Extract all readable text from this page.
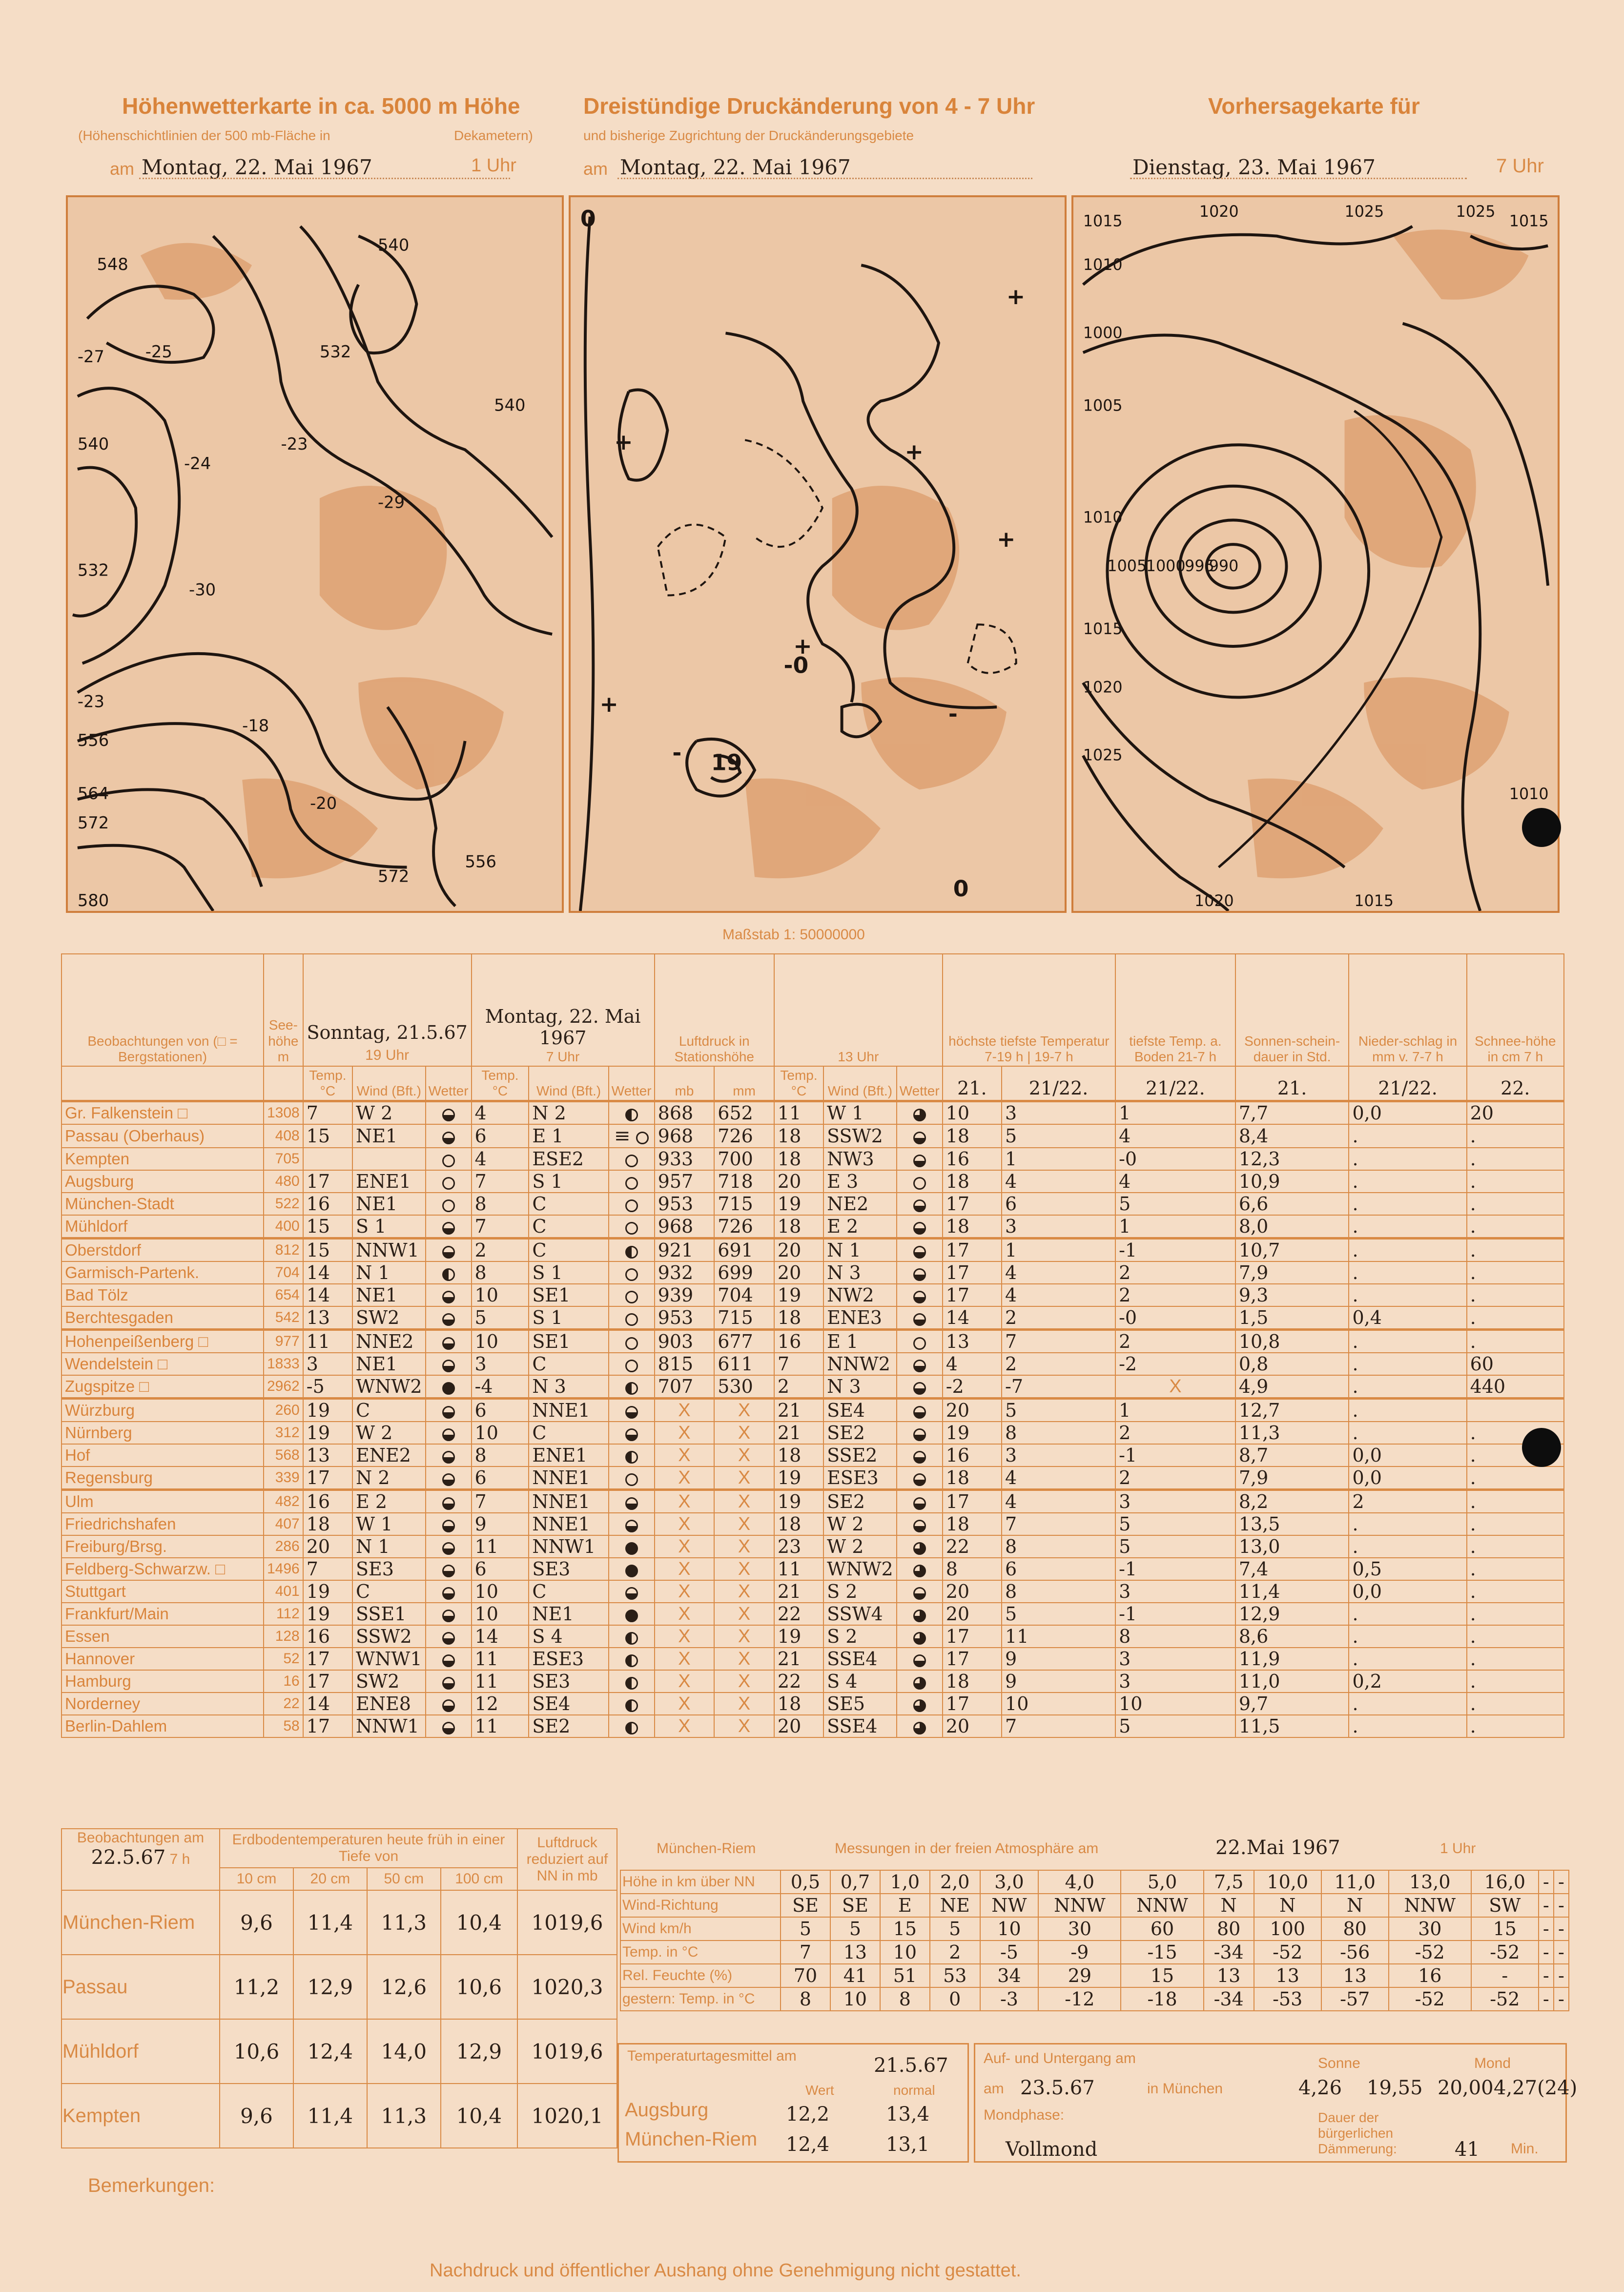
Höhenwetterkarte in ca. 5000 m Höhe
(Höhenschichtlinien der 500 mb-Fläche in	Dekametern)
am Montag, 22. Mai 1967	1 Uhr
Dreistündige Druckänderung von 4 - 7 Uhr
und bisherige Zugrichtung der Druckänderungsgebiete
am Montag, 22. Mai 1967
Vorhersagekarte für
Dienstag, 23. Mai 1967	7 Uhr
548
-27 -25
540
532
540
532
540
-24
-23
-29
-30
-23
556
564
572
580
572
-18
-20
556
+
- 19
+
+
+
-0
+
+
0
0
-
1015
1010
1000
1005
1010
1015
1020
1025
1005
1000
995
990
1020	1025	1025
1015
1020	1015
1010
Maßstab 1: 50000000
Beobachtungen von (□ = Bergstationen)	See-höhe m	Sonntag, 21.5.67
19 Uhr			Montag, 22. Mai 1967
7 Uhr			Luftdruck in Stationshöhe		13 Uhr			höchste tiefste Temperatur 7-19 h | 19-7 h		tiefste Temp. a. Boden 21-7 h	Sonnen-schein-dauer in Std.	Nieder-schlag in mm v. 7-7 h	Schnee-höhe in cm 7 h
		Temp. °C	Wind (Bft.)	Wetter	Temp. °C	Wind (Bft.)	Wetter	mb	mm	Temp. °C	Wind (Bft.)	Wetter	21.	21/22.	21/22.	21.	21/22.	22.
Gr. Falkenstein □	1308	7	W 2		4	N 2		868	652	11	W 1		10	3	1	7,7	0,0	20
Passau (Oberhaus)	408	15	NE1		6	E 1	≡	968	726	18	SSW2		18	5	4	8,4	.	.
Kempten	705				4	ESE2		933	700	18	NW3		16	1	-0	12,3	.	.
Augsburg	480	17	ENE1		7	S 1		957	718	20	E 3		18	4	4	10,9	.	.
München-Stadt	522	16	NE1		8	C		953	715	19	NE2		17	6	5	6,6	.	.
Mühldorf	400	15	S 1		7	C		968	726	18	E 2		18	3	1	8,0	.	.
Oberstdorf	812	15	NNW1		2	C		921	691	20	N 1		17	1	-1	10,7	.	.
Garmisch-Partenk.	704	14	N 1		8	S 1		932	699	20	N 3		17	4	2	7,9	.	.
Bad Tölz	654	14	NE1		10	SE1		939	704	19	NW2		17	4	2	9,3	.	.
Berchtesgaden	542	13	SW2		5	S 1		953	715	18	ENE3		14	2	-0	1,5	0,4	.
Hohenpeißenberg □	977	11	NNE2		10	SE1		903	677	16	E 1		13	7	2	10,8	.	.
Wendelstein □	1833	3	NE1		3	C		815	611	7	NNW2		4	2	-2	0,8	.	60
Zugspitze □	2962	-5	WNW2		-4	N 3		707	530	2	N 3		-2	-7	X	4,9	.	440
Würzburg	260	19	C		6	NNE1		X	X	21	SE4		20	5	1	12,7	.	
Nürnberg	312	19	W 2		10	C		X	X	21	SE2		19	8	2	11,3	.	.
Hof	568	13	ENE2		8	ENE1		X	X	18	SSE2		16	3	-1	8,7	0,0	.
Regensburg	339	17	N 2		6	NNE1		X	X	19	ESE3		18	4	2	7,9	0,0	.
Ulm	482	16	E 2		7	NNE1		X	X	19	SE2		17	4	3	8,2	2	.
Friedrichshafen	407	18	W 1		9	NNE1		X	X	18	W 2		18	7	5	13,5	.	.
Freiburg/Brsg.	286	20	N 1		11	NNW1		X	X	23	W 2		22	8	5	13,0	.	.
Feldberg-Schwarzw. □	1496	7	SE3		6	SE3		X	X	11	WNW2		8	6	-1	7,4	0,5	.
Stuttgart	401	19	C		10	C		X	X	21	S 2		20	8	3	11,4	0,0	.
Frankfurt/Main	112	19	SSE1		10	NE1		X	X	22	SSW4		20	5	-1	12,9	.	.
Essen	128	16	SSW2		14	S 4		X	X	19	S 2		17	11	8	8,6	.	.
Hannover	52	17	WNW1		11	ESE3		X	X	21	SSE4		17	9	3	11,9	.	.
Hamburg	16	17	SW2		11	SE3		X	X	22	S 4		18	9	3	11,0	0,2	.
Norderney	22	14	ENE8		12	SE4		X	X	18	SE5		17	10	10	9,7	.	.
Berlin-Dahlem	58	17	NNW1		11	SE2		X	X	20	SSE4		20	7	5	11,5	.	.
Beobachtungen am
22.5.67 7 h	Erdbodentemperaturen heute früh in einer Tiefe von				Luftdruck reduziert auf NN in mb
	10 cm	20 cm	50 cm	100 cm	
München-Riem	9,6	11,4	11,3	10,4	1019,6
Passau	11,2	12,9	12,6	10,6	1020,3
Mühldorf	10,6	12,4	14,0	12,9	1019,6
Kempten	9,6	11,4	11,3	10,4	1020,1
München-Riem	Messungen in der freien Atmosphäre am	22.Mai 1967	1 Uhr
Höhe in km über NN	0,5	0,7	1,0	2,0	3,0	4,0	5,0	7,5	10,0	11,0	13,0	16,0	-	-
Wind-Richtung	SE	SE	E	NE	NW	NNW	NNW	N	N	N	NNW	SW	-	-
Wind km/h	5	5	15	5	10	30	60	80	100	80	30	15	-	-
Temp. in °C	7	13	10	2	-5	-9	-15	-34	-52	-56	-52	-52	-	-
Rel. Feuchte (%)	70	41	51	53	34	29	15	13	13	13	16	-	-	-
gestern: Temp. in °C	8	10	8	0	-3	-12	-18	-34	-53	-57	-52	-52	-	-
Temperaturtagesmittel am	21.5.67
Wert	normal
Augsburg	12,2	13,4
München-Riem 12,4	13,1
Auf- und Untergang am
am 23.5.67	in München
Sonne	Mond
4,26 19,55 20,00 4,27(24)
Mondphase:
Vollmond
Dauer der bürgerlichen Dämmerung:	41 Min.
Bemerkungen:
Nachdruck und öffentlicher Aushang ohne Genehmigung nicht gestattet.
